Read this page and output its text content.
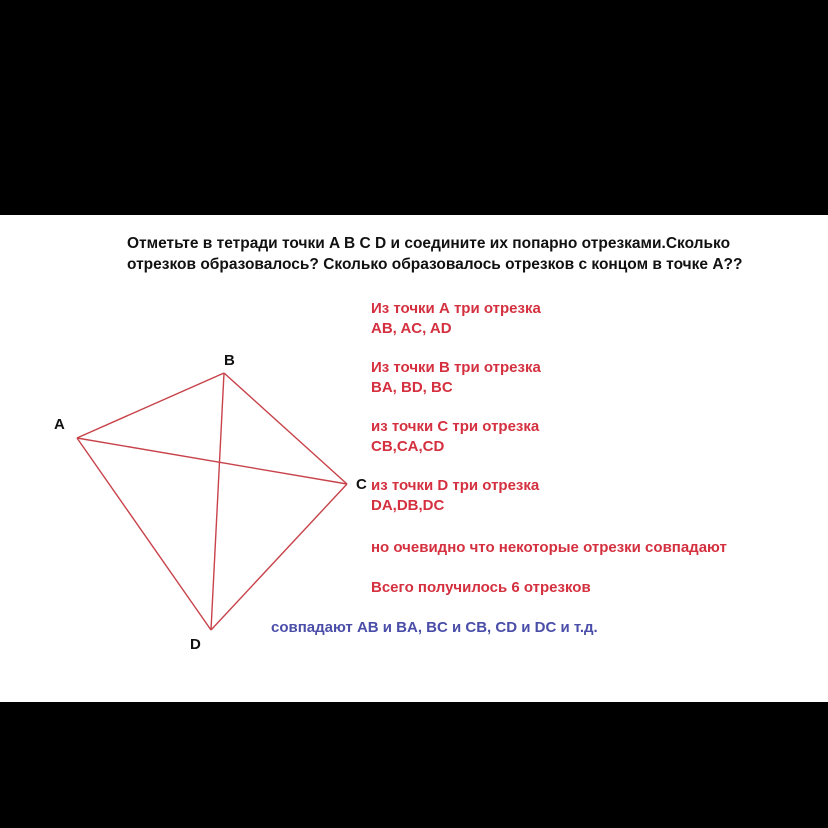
Отметьте в тетради точки A B C D и соедините их попарно отрезками.Сколько
отрезков образовалось? Сколько образовалось отрезков с концом в точке А??

A
B
C
D
Из точки А три отрезка
AB, AC, AD
Из точки В три отрезка
BA, BD, BC
из точки С три отрезка
CB,CA,CD
из точки D три отрезка
DA,DB,DC
но очевидно что некоторые отрезки совпадают
Всего получилось 6 отрезков
совпадают AB и BA, BC и CB, CD и DC и т.д.
